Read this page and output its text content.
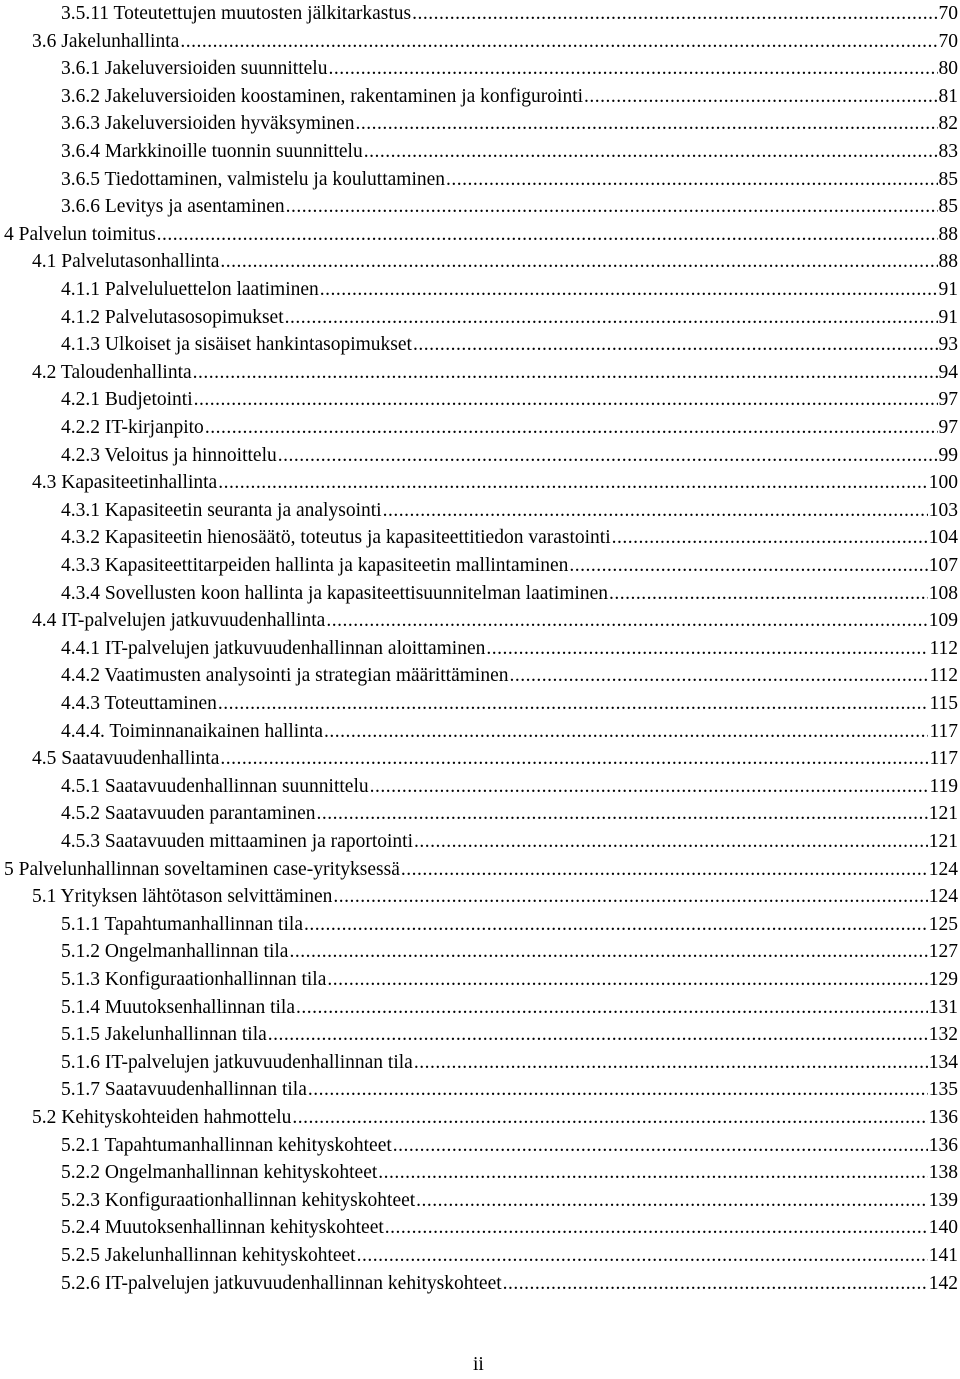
3.5.11 Toteutettujen muutosten jälkitarkastus .....	70
3.6 Jakelunhallinta .....	70
3.6.1 Jakeluversioiden suunnittelu .....	80
3.6.2 Jakeluversioiden koostaminen, rakentaminen ja konfigurointi .....	81
3.6.3 Jakeluversioiden hyväksyminen .....	82
3.6.4 Markkinoille tuonnin suunnittelu .....	83
3.6.5 Tiedottaminen, valmistelu ja kouluttaminen .....	85
3.6.6 Levitys ja asentaminen .....	85
4 Palvelun toimitus .....	88
4.1 Palvelutasonhallinta .....	88
4.1.1 Palveluluettelon laatiminen .....	91
4.1.2 Palvelutasosopimukset .....	91
4.1.3 Ulkoiset ja sisäiset hankintasopimukset .....	93
4.2 Taloudenhallinta .....	94
4.2.1 Budjetointi .....	97
4.2.2 IT-kirjanpito .....	97
4.2.3 Veloitus ja hinnoittelu .....	99
4.3 Kapasiteetinhallinta .....	100
4.3.1 Kapasiteetin seuranta ja analysointi .....	103
4.3.2 Kapasiteetin hienosäätö, toteutus ja kapasiteettitiedon varastointi .....	104
4.3.3 Kapasiteettitarpeiden hallinta ja kapasiteetin mallintaminen .....	107
4.3.4 Sovellusten koon hallinta ja kapasiteettisuunnitelman laatiminen .....	108
4.4 IT-palvelujen jatkuvuudenhallinta .....	109
4.4.1 IT-palvelujen jatkuvuudenhallinnan aloittaminen .....	112
4.4.2 Vaatimusten analysointi ja strategian määrittäminen .....	112
4.4.3 Toteuttaminen .....	115
4.4.4. Toiminnanaikainen hallinta .....	117
4.5 Saatavuudenhallinta .....	117
4.5.1 Saatavuudenhallinnan suunnittelu .....	119
4.5.2 Saatavuuden parantaminen .....	121
4.5.3 Saatavuuden mittaaminen ja raportointi .....	121
5 Palvelunhallinnan soveltaminen case-yrityksessä .....	124
5.1 Yrityksen lähtötason selvittäminen .....	124
5.1.1 Tapahtumanhallinnan tila .....	125
5.1.2 Ongelmanhallinnan tila .....	127
5.1.3 Konfiguraationhallinnan tila .....	129
5.1.4 Muutoksenhallinnan tila .....	131
5.1.5 Jakelunhallinnan tila .....	132
5.1.6 IT-palvelujen jatkuvuudenhallinnan tila .....	134
5.1.7 Saatavuudenhallinnan tila .....	135
5.2 Kehityskohteiden hahmottelu .....	136
5.2.1 Tapahtumanhallinnan kehityskohteet .....	136
5.2.2 Ongelmanhallinnan kehityskohteet .....	138
5.2.3 Konfiguraationhallinnan kehityskohteet .....	139
5.2.4 Muutoksenhallinnan kehityskohteet .....	140
5.2.5 Jakelunhallinnan kehityskohteet .....	141
5.2.6 IT-palvelujen jatkuvuudenhallinnan kehityskohteet .....	142
ii
